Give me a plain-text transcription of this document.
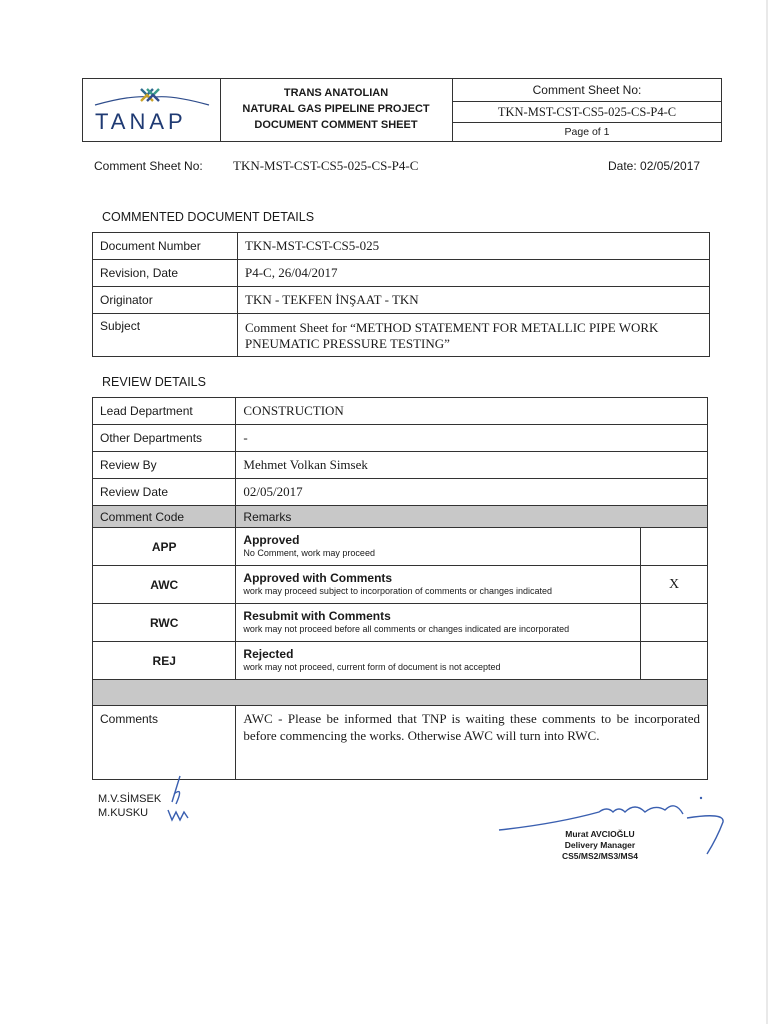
TANAP
TRANS ANATOLIAN
NATURAL GAS PIPELINE PROJECT
DOCUMENT COMMENT SHEET
Comment Sheet No:
TKN-MST-CST-CS5-025-CS-P4-C
Page of 1
Comment Sheet No: TKN-MST-CST-CS5-025-CS-P4-C	Date: 02/05/2017
COMMENTED DOCUMENT DETAILS
Document Number	TKN-MST-CST-CS5-025
Revision, Date	P4-C, 26/04/2017
Originator	TKN - TEKFEN İNŞAAT - TKN
Subject	Comment Sheet for “METHOD STATEMENT FOR METALLIC PIPE WORK PNEUMATIC PRESSURE TESTING”
REVIEW DETAILS
Lead Department	CONSTRUCTION	
Other Departments	-	
Review By	Mehmet Volkan Simsek	
Review Date	02/05/2017	
Comment Code	Remarks	
APP	Approved
No Comment, work may proceed	

AWC	Approved with Comments
work may proceed subject to incorporation of comments or changes indicated	X
RWC	Resubmit with Comments
work may not proceed before all comments or changes indicated are incorporated	

REJ	Rejected
work may not proceed, current form of document is not accepted	

Comments	AWC - Please be informed that TNP is waiting these comments to be incorporated before commencing the works. Otherwise AWC will turn into RWC.	
M.V.SİMSEK
M.KUSKU
Murat AVCIOĞLU
Delivery Manager
CS5/MS2/MS3/MS4
